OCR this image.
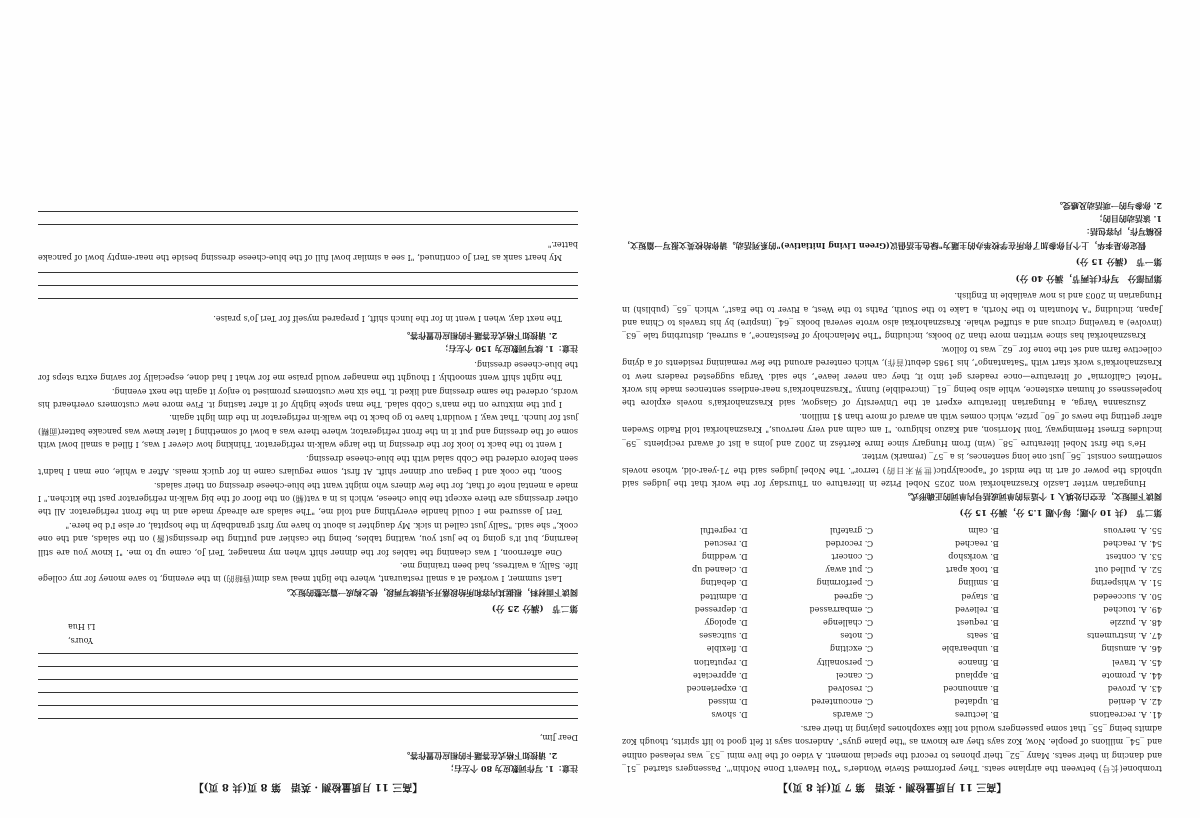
【高三 11 月质量检测 · 英语　第 7 页(共 8 页)】

trombone(长号) between the airplane seats. They performed Stevie Wonder's "You Haven't Done Nothin'". Passengers started _51_ and dancing in their seats. Many _52_ their phones to record the special moment. A video of the live mini _53_ was released online and _54_ millions of people. Now, Koz says they are known as "the plane guys". Anderson says it felt good to lift spirits, though Koz admits being _55_ that some passengers would not like saxophones playing in their ears.

41. A. recreations
B. lectures
C. awards
D. shows
42. A. denied
B. updated
C. encountered
D. missed
43. A. proved
B. announced
C. resolved
D. experienced
44. A. promote
B. applaud
C. cancel
D. appreciate
45. A. travel
B. finance
C. personality
D. reputation
46. A. amusing
B. unbearable
C. exciting
D. flexible
47. A. instruments
B. seats
C. notes
D. suitcases
48. A. puzzle
B. request
C. challenge
D. apology
49. A. touched
B. relieved
C. embarrassed
D. depressed
50. A. succeeded
B. stayed
C. agreed
D. admitted
51. A. whispering
B. smiling
C. performing
D. debating
52. A. pulled out
B. took apart
C. put away
D. cleaned up
53. A. contest
B. workshop
C. concert
D. wedding
54. A. reached
B. reached
C. recorded
D. rescued
55. A. nervous
B. calm
C. grateful
D. regretful
第二节　(共 10 小题；每小题 1.5 分，满分 15 分)

阅读下面短文，在空白处填入 1 个适当的单词或括号内单词的正确形式。

Hungarian writer Laszlo Krasznahorkai won 2025 Nobel Prize in literature on Thursday for the work that the judges said upholds the power of art in the midst of "apocalyptic(世界末日的) terror". The Nobel judges said the 71-year-old, whose novels sometimes consist _56_ just one long sentences, is a _57_ (remark) writer.

He's the first Nobel literature _58_ (win) from Hungary since Imre Kertész in 2002 and joins a list of award recipients _59_ includes Ernest Hemingway, Toni Morrison, and Kazuo Ishiguro. "I am calm and very nervous," Krasznahorkai told Radio Sweden after getting the news of _60_ prize, which comes with an award of more than $1 million.

Zsuzsanna Varga, a Hungarian literature expert at the University of Glasgow, said Krasznahorkai's novels explore the hopelessness of human existence, while also being _61_ (incredible) funny. "Krasznahorkai's near-endless sentences made his work "Hotel California" of literature—once readers get into it, they can never leave", she said. Varga suggested readers new to Krasznahorkai's work start with "Satantango", his 1985 debut(首作), which centered around the few remaining residents of a dying collective farm and set the tone for _62_ was to follow.

Krasznahorkai has since written more than 20 books, including "The Melancholy of Resistance", a surreal, disturbing tale _63_ (involve) a traveling circus and a stuffed whale. Krasznahorkai also wrote several books _64_ (inspire) by his travels to China and Japan, including "A Mountain to the North, a Lake to the South, Paths to the West, a River to the East", which _65_ (publish) in Hungarian in 2003 and is now available in English.

第四部分　写作(共两节，满分 40 分)
第一节　(满分 15 分)

假定你是李华，上个月你参加了你所在学校举办的主题为"绿色生活倡议(Green Living Initiative)"的系列活动。请你给校英文报写一篇短文，投稿写作，内容包括：

1. 该活动的目的；

2. 你参与的一项活动及感受。

【高三 11 月质量检测 · 英语　第 8 页(共 8 页)】

注意：1. 写作词数应为 80 个左右；

2. 请按如下格式在答题卡的相应位置作答。

Dear Jim,

Yours,
Li Hua
第二节　(满分 25 分)

阅读下面材料，根据其内容和所给段落开头语续写两段，使之构成一篇完整的短文。

Last summer, I worked at a small restaurant, where the light meal was dim(昏暗的) in the evening, to save money for my college life. Sally, a waitress, had been training me.

One afternoon, I was cleaning the tables for the dinner shift when my manager, Teri Jo, came up to me. "I know you are still learning, but it's going to be just you, waiting tables, being the cashier and putting the dressings(酱) on the salads, and the one cook," she said. "Sally just called in sick. My daughter is about to have my first grandbaby in the hospital, or else I'd be here."

Teri Jo assured me I could handle everything and told me, "The salads are already made and in the front refrigerator. All the other dressings are there except the blue cheese, which is in a vat(桶) on the floor of the big walk-in refrigerator past the kitchen." I made a mental note of that, for the few diners who might want the blue-cheese dressing on their salads.

Soon, the cook and I began our dinner shift. At first, some regulars came in for quick meals. After a while, one man I hadn't seen before ordered the Cobb salad with the blue-cheese dressing.

I went to the back to look for the dressing in the large walk-in refrigerator. Thinking how clever I was, I filled a small bowl with some of the dressing and put it in the front refrigerator, where there was a bowl of something I later knew was pancake batter(面糊) just for lunch. That way, I wouldn't have to go back to the walk-in refrigerator in the dim light again.

I put the mixture on the man's Cobb salad. The man spoke highly of it after tasting it. Five more new customers overheard his words, ordered the same dressing and liked it. The six new customers promised to enjoy it again the next evening.

The night shift went smoothly. I thought the manager would praise me for what I had done, especially for saving extra steps for the blue-cheese dressing.

注意：1. 续写词数应为 150 个左右；

2. 请按如下格式在答题卡的相应位置作答。

The next day, when I went in for the lunch shift, I prepared myself for Teri Jo's praise.

My heart sank as Teri Jo continued, "I see a similar bowl full of the blue-cheese dressing beside the near-empty bowl of pancake batter."
